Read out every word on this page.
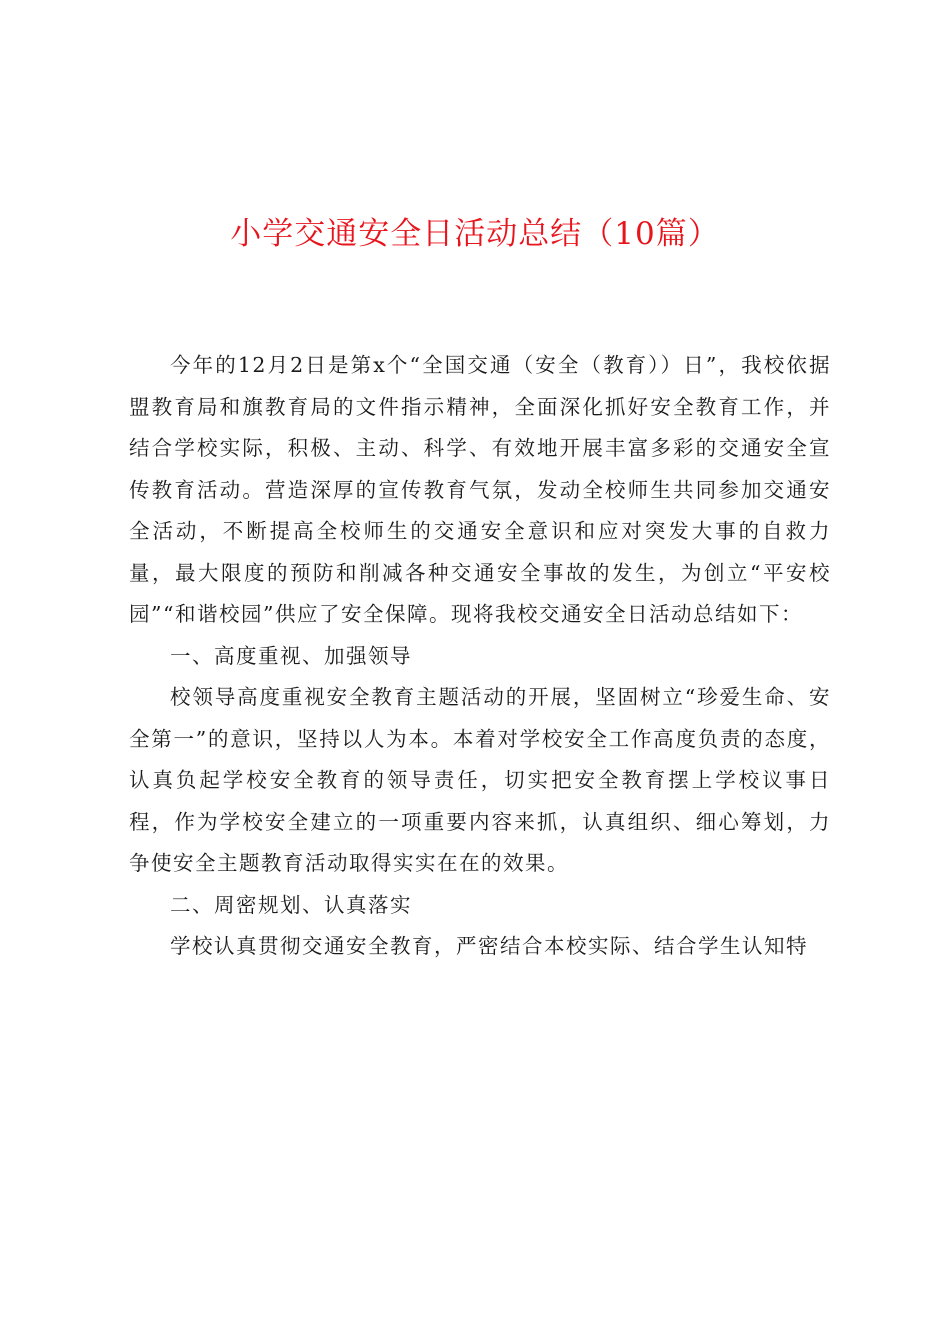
小学交通安全日活动总结（10篇）

今年的12月2日是第x个“全国交通（安全（教育））日”，我校依据盟教育局和旗教育局的文件指示精神，全面深化抓好安全教育工作，并结合学校实际，积极、主动、科学、有效地开展丰富多彩的交通安全宣传教育活动。营造深厚的宣传教育气氛，发动全校师生共同参加交通安全活动，不断提高全校师生的交通安全意识和应对突发大事的自救力量，最大限度的预防和削减各种交通安全事故的发生，为创立“平安校园”“和谐校园”供应了安全保障。现将我校交通安全日活动总结如下：

一、高度重视、加强领导

校领导高度重视安全教育主题活动的开展，坚固树立“珍爱生命、安全第一”的意识，坚持以人为本。本着对学校安全工作高度负责的态度，认真负起学校安全教育的领导责任，切实把安全教育摆上学校议事日程，作为学校安全建立的一项重要内容来抓，认真组织、细心筹划，力争使安全主题教育活动取得实实在在的效果。

二、周密规划、认真落实

学校认真贯彻交通安全教育，严密结合本校实际、结合学生认知特
